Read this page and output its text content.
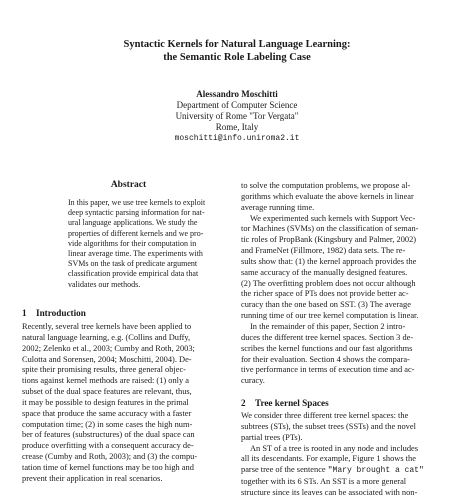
Syntactic Kernels for Natural Language Learning:
the Semantic Role Labeling Case
Alessandro Moschitti
Department of Computer Science
University of Rome "Tor Vergata"
Rome, Italy
moschitti@info.uniroma2.it
Abstract
In this paper, we use tree kernels to exploit
deep syntactic parsing information for nat-
ural language applications. We study the
properties of different kernels and we pro-
vide algorithms for their computation in
linear average time. The experiments with
SVMs on the task of predicate argument
classification provide empirical data that
validates our methods.
1 Introduction
Recently, several tree kernels have been applied to
natural language learning, e.g. (Collins and Duffy,
2002; Zelenko et al., 2003; Cumby and Roth, 2003;
Culotta and Sorensen, 2004; Moschitti, 2004). De-
spite their promising results, three general objec-
tions against kernel methods are raised: (1) only a
subset of the dual space features are relevant, thus,
it may be possible to design features in the primal
space that produce the same accuracy with a faster
computation time; (2) in some cases the high num-
ber of features (substructures) of the dual space can
produce overfitting with a consequent accuracy de-
crease (Cumby and Roth, 2003); and (3) the compu-
tation time of kernel functions may be too high and
prevent their application in real scenarios.
to solve the computation problems, we propose al-
gorithms which evaluate the above kernels in linear
average running time.
We experimented such kernels with Support Vec-
tor Machines (SVMs) on the classification of seman-
tic roles of PropBank (Kingsbury and Palmer, 2002)
and FrameNet (Fillmore, 1982) data sets. The re-
sults show that: (1) the kernel approach provides the
same accuracy of the manually designed features.
(2) The overfitting problem does not occur although
the richer space of PTs does not provide better ac-
curacy than the one based on SST. (3) The average
running time of our tree kernel computation is linear.
In the remainder of this paper, Section 2 intro-
duces the different tree kernel spaces. Section 3 de-
scribes the kernel functions and our fast algorithms
for their evaluation. Section 4 shows the compara-
tive performance in terms of execution time and ac-
curacy.
2 Tree kernel Spaces
We consider three different tree kernel spaces: the
subtrees (STs), the subset trees (SSTs) and the novel
partial trees (PTs).
An ST of a tree is rooted in any node and includes
all its descendants. For example, Figure 1 shows the
parse tree of the sentence "Mary brought a cat"
together with its 6 STs. An SST is a more general
structure since its leaves can be associated with non-
